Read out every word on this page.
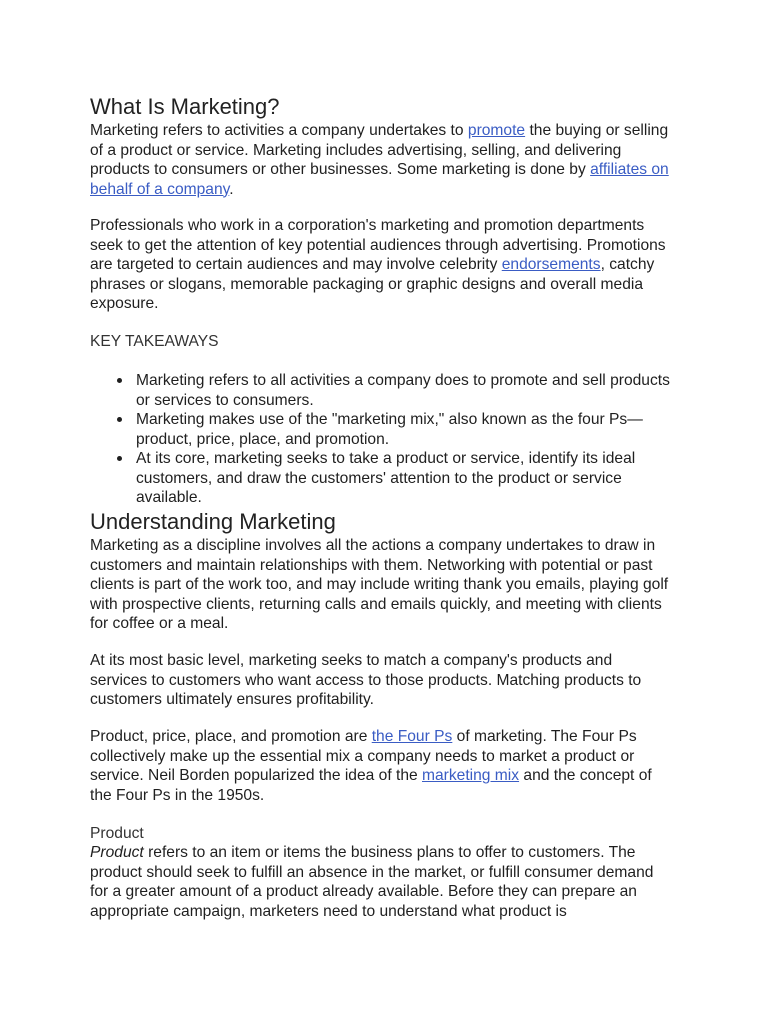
What Is Marketing?

Marketing refers to activities a company undertakes to promote the buying or selling of a product or service. Marketing includes advertising, selling, and delivering products to consumers or other businesses. Some marketing is done by affiliates on behalf of a company.

Professionals who work in a corporation's marketing and promotion departments seek to get the attention of key potential audiences through advertising. Promotions are targeted to certain audiences and may involve celebrity endorsements, catchy phrases or slogans, memorable packaging or graphic designs and overall media exposure.

KEY TAKEAWAYS
Marketing refers to all activities a company does to promote and sell products or services to consumers.
Marketing makes use of the "marketing mix," also known as the four Ps—product, price, place, and promotion.
At its core, marketing seeks to take a product or service, identify its ideal customers, and draw the customers' attention to the product or service available.
Understanding Marketing

Marketing as a discipline involves all the actions a company undertakes to draw in customers and maintain relationships with them. Networking with potential or past clients is part of the work too, and may include writing thank you emails, playing golf with prospective clients, returning calls and emails quickly, and meeting with clients for coffee or a meal.

At its most basic level, marketing seeks to match a company's products and services to customers who want access to those products. Matching products to customers ultimately ensures profitability.

Product, price, place, and promotion are the Four Ps of marketing. The Four Ps collectively make up the essential mix a company needs to market a product or service. Neil Borden popularized the idea of the marketing mix and the concept of the Four Ps in the 1950s.

Product

Product refers to an item or items the business plans to offer to customers. The product should seek to fulfill an absence in the market, or fulfill consumer demand for a greater amount of a product already available. Before they can prepare an appropriate campaign, marketers need to understand what product is
